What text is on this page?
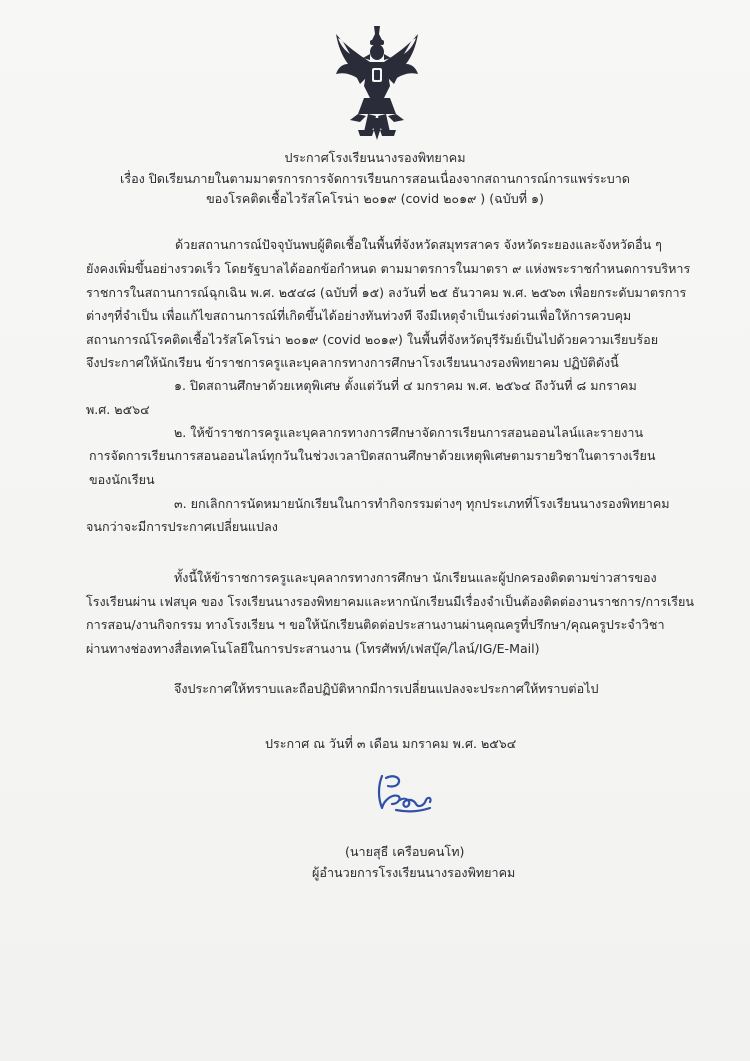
ประกาศโรงเรียนนางรองพิทยาคม
เรื่อง ปิดเรียนภายในตามมาตรการการจัดการเรียนการสอนเนื่องจากสถานการณ์การแพร่ระบาด
ของโรคติดเชื้อไวรัสโคโรน่า ๒๐๑๙ (covid ๒๐๑๙ ) (ฉบับที่ ๑)
ด้วยสถานการณ์ปัจจุบันพบผู้ติดเชื้อในพื้นที่จังหวัดสมุทรสาคร จังหวัดระยองและจังหวัดอื่น ๆ
ยังคงเพิ่มขึ้นอย่างรวดเร็ว โดยรัฐบาลได้ออกข้อกำหนด ตามมาตรการในมาตรา ๙ แห่งพระราชกำหนดการบริหาร
ราชการในสถานการณ์ฉุกเฉิน พ.ศ. ๒๕๔๘ (ฉบับที่ ๑๕) ลงวันที่ ๒๕ ธันวาคม พ.ศ. ๒๕๖๓ เพื่อยกระดับมาตรการ
ต่างๆที่จำเป็น เพื่อแก้ไขสถานการณ์ที่เกิดขึ้นได้อย่างทันท่วงที จึงมีเหตุจำเป็นเร่งด่วนเพื่อให้การควบคุม
สถานการณ์โรคติดเชื้อไวรัสโคโรน่า ๒๐๑๙ (covid ๒๐๑๙) ในพื้นที่จังหวัดบุรีรัมย์เป็นไปด้วยความเรียบร้อย
จึงประกาศให้นักเรียน ข้าราชการครูและบุคลากรทางการศึกษาโรงเรียนนางรองพิทยาคม ปฏิบัติดังนี้
๑. ปิดสถานศึกษาด้วยเหตุพิเศษ ตั้งแต่วันที่ ๔ มกราคม พ.ศ. ๒๕๖๔ ถึงวันที่ ๘ มกราคม
พ.ศ. ๒๕๖๔
๒. ให้ข้าราชการครูและบุคลากรทางการศึกษาจัดการเรียนการสอนออนไลน์และรายงาน
การจัดการเรียนการสอนออนไลน์ทุกวันในช่วงเวลาปิดสถานศึกษาด้วยเหตุพิเศษตามรายวิชาในตารางเรียน
ของนักเรียน
๓. ยกเลิกการนัดหมายนักเรียนในการทำกิจกรรมต่างๆ ทุกประเภทที่โรงเรียนนางรองพิทยาคม
จนกว่าจะมีการประกาศเปลี่ยนแปลง
ทั้งนี้ให้ข้าราชการครูและบุคลากรทางการศึกษา นักเรียนและผู้ปกครองติดตามข่าวสารของ
โรงเรียนผ่าน เฟสบุค ของ โรงเรียนนางรองพิทยาคมและหากนักเรียนมีเรื่องจำเป็นต้องติดต่องานราชการ/การเรียน
การสอน/งานกิจกรรม ทางโรงเรียน ฯ ขอให้นักเรียนติดต่อประสานงานผ่านคุณครูที่ปรึกษา/คุณครูประจำวิชา
ผ่านทางช่องทางสื่อเทคโนโลยีในการประสานงาน (โทรศัพท์/เฟสบุ๊ค/ไลน์/IG/E-Mail)
จึงประกาศให้ทราบและถือปฏิบัติหากมีการเปลี่ยนแปลงจะประกาศให้ทราบต่อไป
ประกาศ ณ วันที่ ๓ เดือน มกราคม พ.ศ. ๒๕๖๔
(นายสุธี เครือบคนโท)
ผู้อำนวยการโรงเรียนนางรองพิทยาคม
